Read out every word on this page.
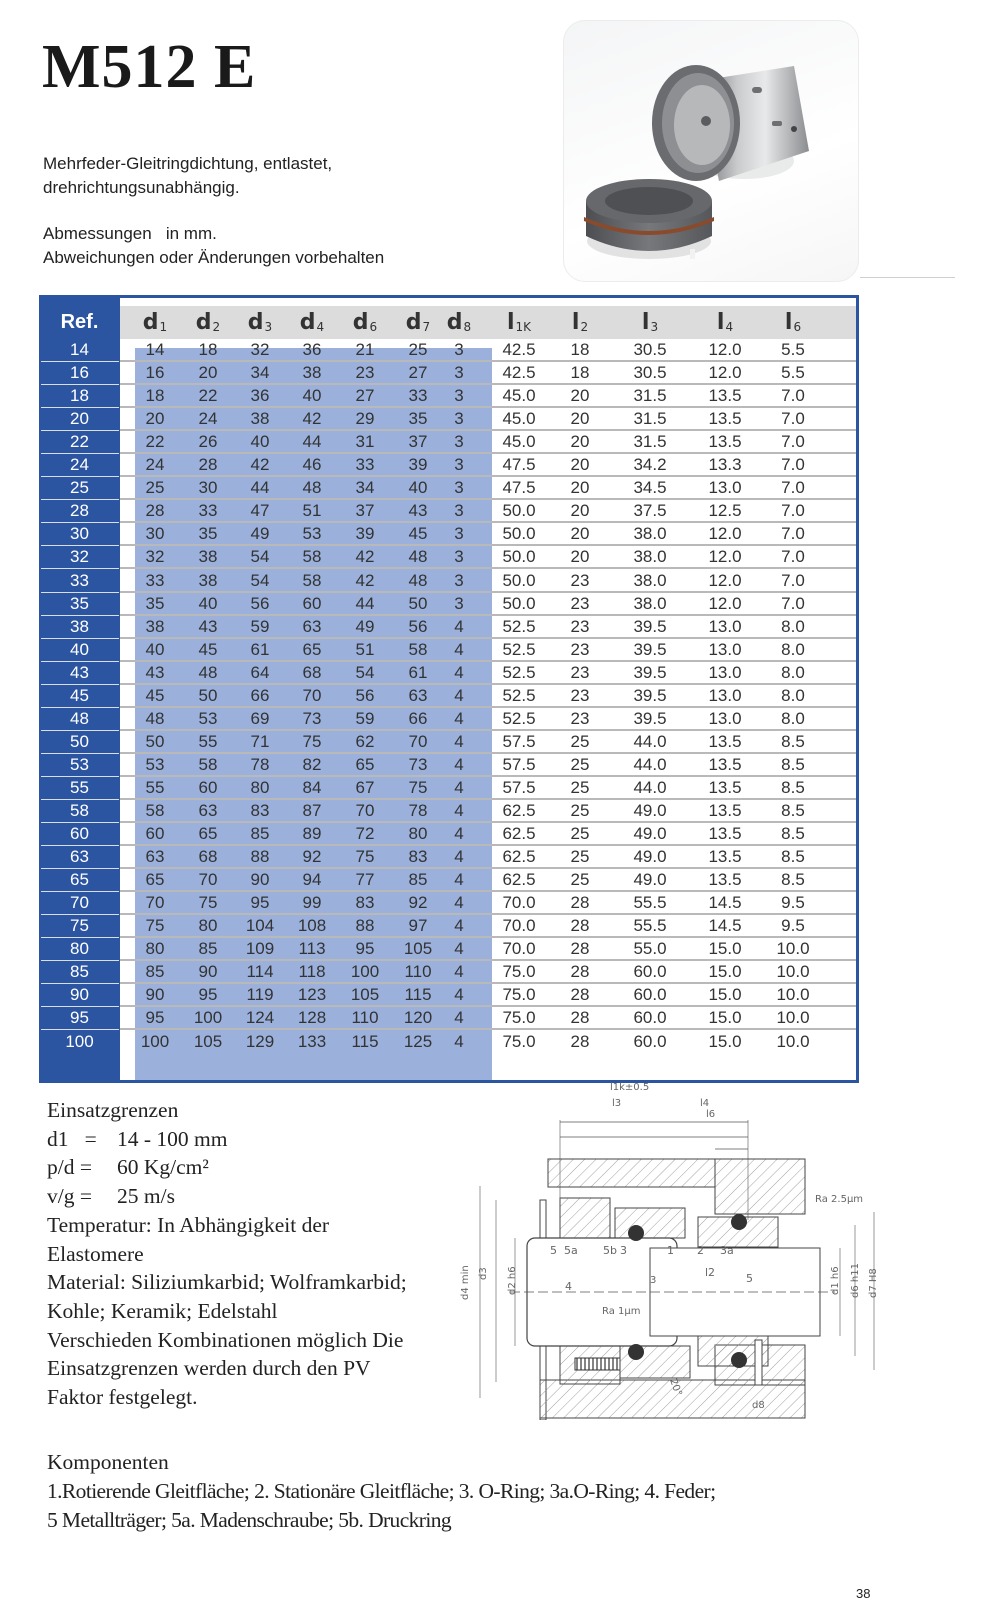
M512 E
Mehrfeder-Gleitringdichtung, entlastet,
drehrichtungsunabhängig.
Abmessungen   in mm.
Abweichungen oder Änderungen vorbehalten
Ref.	$d_1$	$d_2$	$d_3$	$d_4$	$d_6$	$d_7$ $d_8$	$l_{1K}$	$l_2$	$l_3$	$l_4$	$l_6$
14	14	18	32	36	21	25	3	42.5	18	30.5	12.0	5.5
16	16	20	34	38	23	27	3	42.5	18	30.5	12.0	5.5
18	18	22	36	40	27	33	3	45.0	20	31.5	13.5	7.0
20	20	24	38	42	29	35	3	45.0	20	31.5	13.5	7.0
22	22	26	40	44	31	37	3	45.0	20	31.5	13.5	7.0
24	24	28	42	46	33	39	3	47.5	20	34.2	13.3	7.0
25	25	30	44	48	34	40	3	47.5	20	34.5	13.0	7.0
28	28	33	47	51	37	43	3	50.0	20	37.5	12.5	7.0
30	30	35	49	53	39	45	3	50.0	20	38.0	12.0	7.0
32	32	38	54	58	42	48	3	50.0	20	38.0	12.0	7.0
33	33	38	54	58	42	48	3	50.0	23	38.0	12.0	7.0
35	35	40	56	60	44	50	3	50.0	23	38.0	12.0	7.0
38	38	43	59	63	49	56	4	52.5	23	39.5	13.0	8.0
40	40	45	61	65	51	58	4	52.5	23	39.5	13.0	8.0
43	43	48	64	68	54	61	4	52.5	23	39.5	13.0	8.0
45	45	50	66	70	56	63	4	52.5	23	39.5	13.0	8.0
48	48	53	69	73	59	66	4	52.5	23	39.5	13.0	8.0
50	50	55	71	75	62	70	4	57.5	25	44.0	13.5	8.5
53	53	58	78	82	65	73	4	57.5	25	44.0	13.5	8.5
55	55	60	80	84	67	75	4	57.5	25	44.0	13.5	8.5
58	58	63	83	87	70	78	4	62.5	25	49.0	13.5	8.5
60	60	65	85	89	72	80	4	62.5	25	49.0	13.5	8.5
63	63	68	88	92	75	83	4	62.5	25	49.0	13.5	8.5
65	65	70	90	94	77	85	4	62.5	25	49.0	13.5	8.5
70	70	75	95	99	83	92	4	70.0	28	55.5	14.5	9.5
75	75	80	104	108	88	97	4	70.0	28	55.5	14.5	9.5
80	80	85	109	113	95	105	4	70.0	28	55.0	15.0	10.0
85	85	90	114	118	100	110	4	75.0	28	60.0	15.0	10.0
90	90	95	119	123	105	115	4	75.0	28	60.0	15.0	10.0
95	95	100	124	128	110	120	4	75.0	28	60.0	15.0	10.0
100	100	105	129	133	115	125	4	75.0	28	60.0	15.0	10.0
Einsatzgrenzen
d1   = 14 - 100 mm
p/d = 60 Kg/cm²
v/g = 25 m/s
Temperatur: In Abhängigkeit der
Elastomere
Material: Siliziumkarbid; Wolframkarbid;
Kohle; Keramik; Edelstahl
Verschieden Kombinationen möglich Die
Einsatzgrenzen werden durch den PV
Faktor festgelegt.
l1k±0.5
l3	l4
l6
Ra 2.5µm
5 5a 5b 3	1 2 3a
4	3
l2	5
Ra 1µm
20°
d8
d4 min d3 d2 h6	d1 h6 d6 h11 d7 H8
Komponenten
1.Rotierende Gleitfläche; 2. Stationäre Gleitfläche; 3. O-Ring; 3a.O-Ring; 4. Feder;
5 Metallträger; 5a. Madenschraube; 5b. Druckring
38
